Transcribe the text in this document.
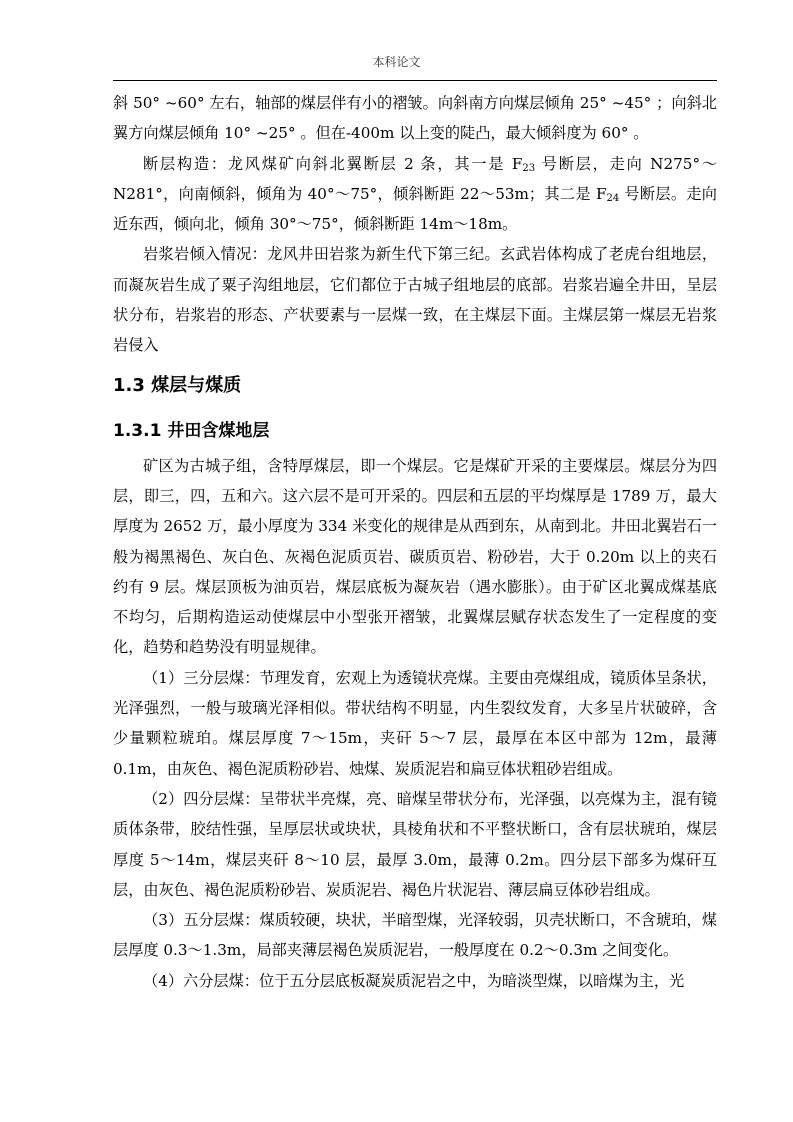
本科论文

斜 50° ~60° 左右，轴部的煤层伴有小的褶皱。向斜南方向煤层倾角 25° ~45° ；向斜北翼方向煤层倾角 10° ~25° 。但在-400m 以上变的陡凸，最大倾斜度为 60° 。

断层构造：龙风煤矿向斜北翼断层 2 条，其一是 $F_{23}$ 号断层，走向 N275°～N281°，向南倾斜，倾角为 40°～75°，倾斜断距 22～53m；其二是 $F_{24}$ 号断层。走向近东西，倾向北，倾角 30°～75°，倾斜断距 14m～18m。

岩浆岩倾入情况：龙风井田岩浆为新生代下第三纪。玄武岩体构成了老虎台组地层，而凝灰岩生成了粟子沟组地层，它们都位于古城子组地层的底部。岩浆岩遍全井田，呈层状分布，岩浆岩的形态、产状要素与一层煤一致，在主煤层下面。主煤层第一煤层无岩浆岩侵入

1.3 煤层与煤质
1.3.1 井田含煤地层

矿区为古城子组，含特厚煤层，即一个煤层。它是煤矿开采的主要煤层。煤层分为四层，即三，四，五和六。这六层不是可开采的。四层和五层的平均煤厚是 1789 万，最大厚度为 2652 万，最小厚度为 334 米变化的规律是从西到东，从南到北。井田北翼岩石一般为褐黑褐色、灰白色、灰褐色泥质页岩、碳质页岩、粉砂岩，大于 0.20m 以上的夹石约有 9 层。煤层顶板为油页岩，煤层底板为凝灰岩（遇水膨胀）。由于矿区北翼成煤基底不均匀，后期构造运动使煤层中小型张开褶皱，北翼煤层赋存状态发生了一定程度的变化，趋势和趋势没有明显规律。

（1）三分层煤：节理发育，宏观上为透镜状亮煤。主要由亮煤组成，镜质体呈条状，光泽强烈，一般与玻璃光泽相似。带状结构不明显，内生裂纹发育，大多呈片状破碎，含少量颗粒琥珀。煤层厚度 7～15m，夹矸 5～7 层，最厚在本区中部为 12m，最薄 0.1m，由灰色、褐色泥质粉砂岩、烛煤、炭质泥岩和扁豆体状粗砂岩组成。

（2）四分层煤：呈带状半亮煤，亮、暗煤呈带状分布，光泽强，以亮煤为主，混有镜质体条带，胶结性强，呈厚层状或块状，具棱角状和不平整状断口，含有层状琥珀，煤层厚度 5～14m，煤层夹矸 8～10 层，最厚 3.0m，最薄 0.2m。四分层下部多为煤矸互层，由灰色、褐色泥质粉砂岩、炭质泥岩、褐色片状泥岩、薄层扁豆体砂岩组成。

（3）五分层煤：煤质较硬，块状，半暗型煤，光泽较弱，贝壳状断口，不含琥珀，煤层厚度 0.3～1.3m，局部夹薄层褐色炭质泥岩，一般厚度在 0.2～0.3m 之间变化。

（4）六分层煤：位于五分层底板凝炭质泥岩之中，为暗淡型煤，以暗煤为主，光
